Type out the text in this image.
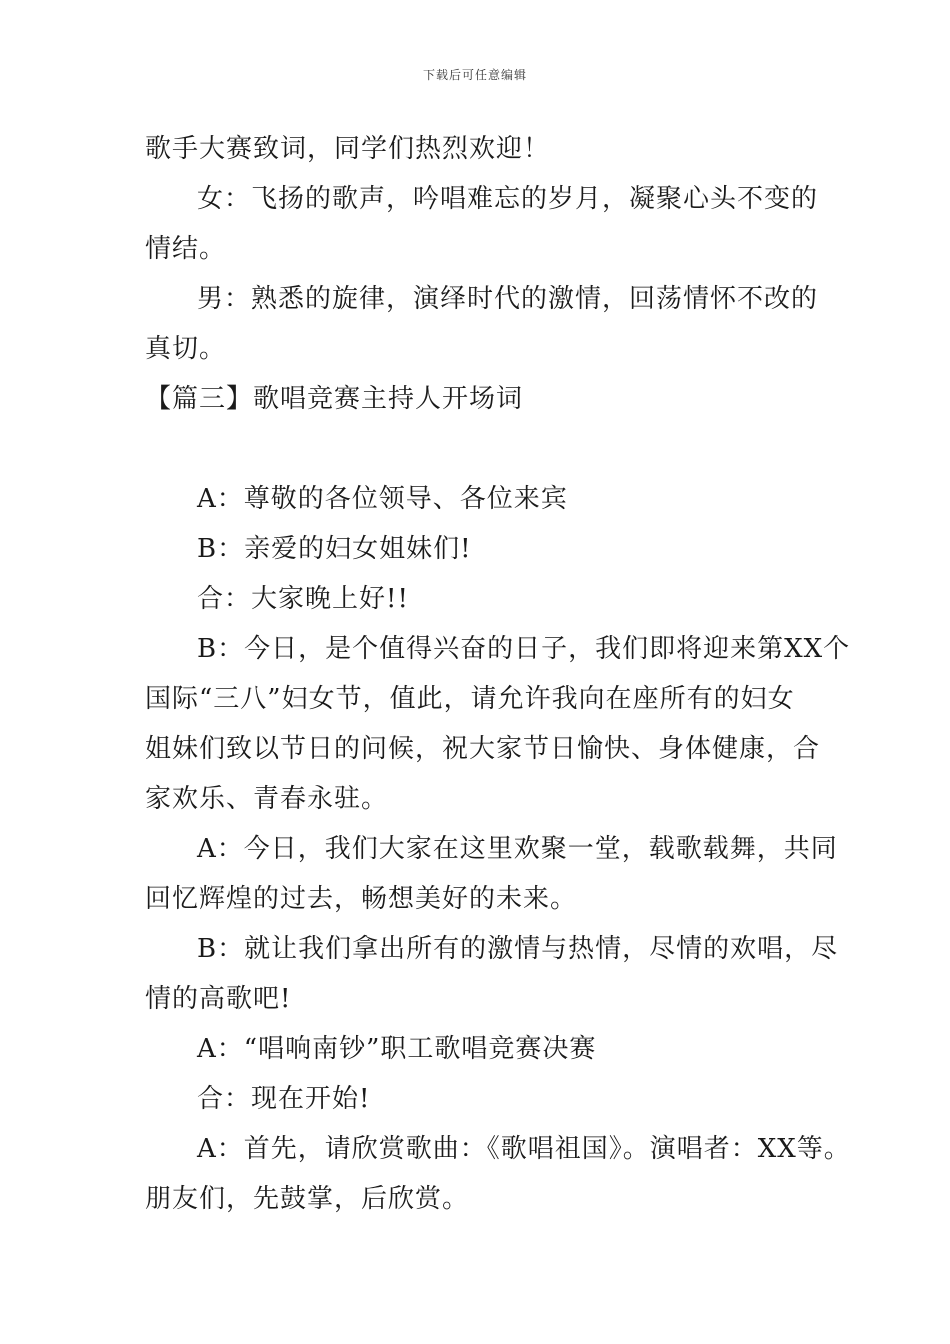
下载后可任意编辑
歌手大赛致词，同学们热烈欢迎！
女：飞扬的歌声，吟唱难忘的岁月，凝聚心头不变的
情结。
男：熟悉的旋律，演绎时代的激情，回荡情怀不改的
真切。
【篇三】歌唱竞赛主持人开场词
A：尊敬的各位领导、各位来宾
B：亲爱的妇女姐妹们!
合：大家晚上好!!
B：今日，是个值得兴奋的日子，我们即将迎来第XX个
国际“三八”妇女节，值此，请允许我向在座所有的妇女
姐妹们致以节日的问候，祝大家节日愉快、身体健康，合
家欢乐、青春永驻。
A：今日，我们大家在这里欢聚一堂，载歌载舞，共同
回忆辉煌的过去，畅想美好的未来。
B：就让我们拿出所有的激情与热情，尽情的欢唱，尽
情的高歌吧!
A：“唱响南钞”职工歌唱竞赛决赛
合：现在开始!
A：首先，请欣赏歌曲：《歌唱祖国》。演唱者：XX等。
朋友们，先鼓掌，后欣赏。
